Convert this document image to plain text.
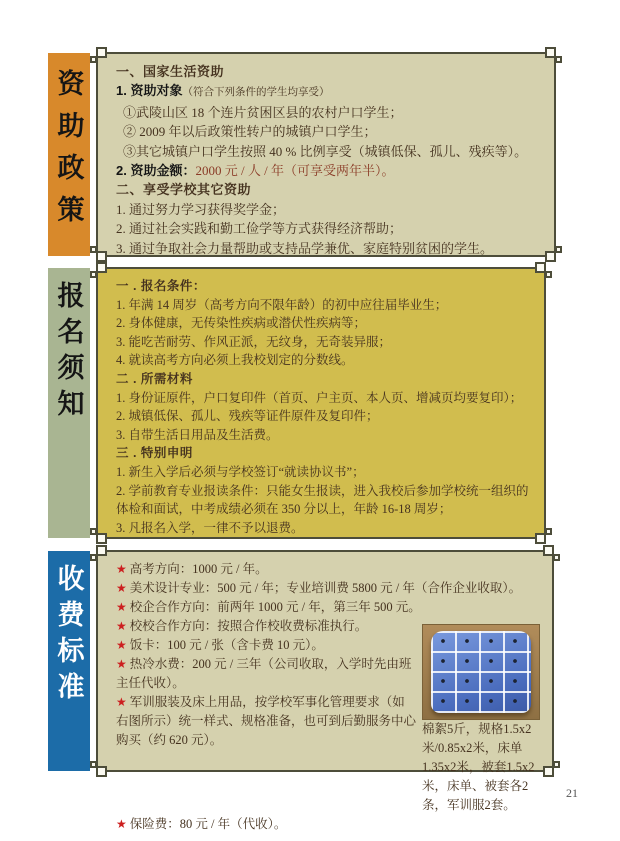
资助政策	一、国家生活资助

1. 资助对象（符合下列条件的学生均享受）

①武陵山区 18 个连片贫困区县的农村户口学生；

② 2009 年以后政策性转户的城镇户口学生；

③其它城镇户口学生按照 40 % 比例享受（城镇低保、孤儿、残疾等）。

2. 资助金额：2000 元 / 人 / 年（可享受两年半）。

二、享受学校其它资助

1. 通过努力学习获得奖学金；

2. 通过社会实践和勤工俭学等方式获得经济帮助；

3. 通过争取社会力量帮助或支持品学兼优、家庭特别贫困的学生。

报名须知	一 . 报名条件：

1. 年满 14 周岁（高考方向不限年龄）的初中应往届毕业生；

2. 身体健康，无传染性疾病或潜伏性疾病等；

3. 能吃苦耐劳、作风正派，无纹身，无奇装异服；

4. 就读高考方向必须上我校划定的分数线。

二 . 所需材料

1. 身份证原件，户口复印件（首页、户主页、本人页、增减页均要复印）；

2. 城镇低保、孤儿、残疾等证件原件及复印件；

3. 自带生活日用品及生活费。

三 . 特别申明

1. 新生入学后必须与学校签订“就读协议书”；

2. 学前教育专业报读条件：只能女生报读，进入我校后参加学校统一组织的体检和面试，中考成绩必须在 350 分以上，年龄 16-18 周岁；

3. 凡报名入学，一律不予以退费。

收费标准	★ 高考方向：1000 元 / 年。

★ 美术设计专业：500 元 / 年；专业培训费 5800 元 / 年（合作企业收取）。

★ 校企合作方向：前两年 1000 元 / 年，第三年 500 元。

★ 校校合作方向：按照合作校收费标准执行。

★ 饭卡：100 元 / 张（含卡费 10 元）。

★ 热冷水费：200 元 / 三年（公司收取，入学时先由班主任代收）。

★ 军训服装及床上用品，按学校军事化管理要求（如右图所示）统一样式、规格准备，也可到后勤服务中心购买（约 620 元）。

棉絮5斤，规格1.5x2米/0.85x2米，床单1.35x2米，被套1.5x2米，床单、被套各2条，军训服2套。

★ 保险费：80 元 / 年（代收）。

21
